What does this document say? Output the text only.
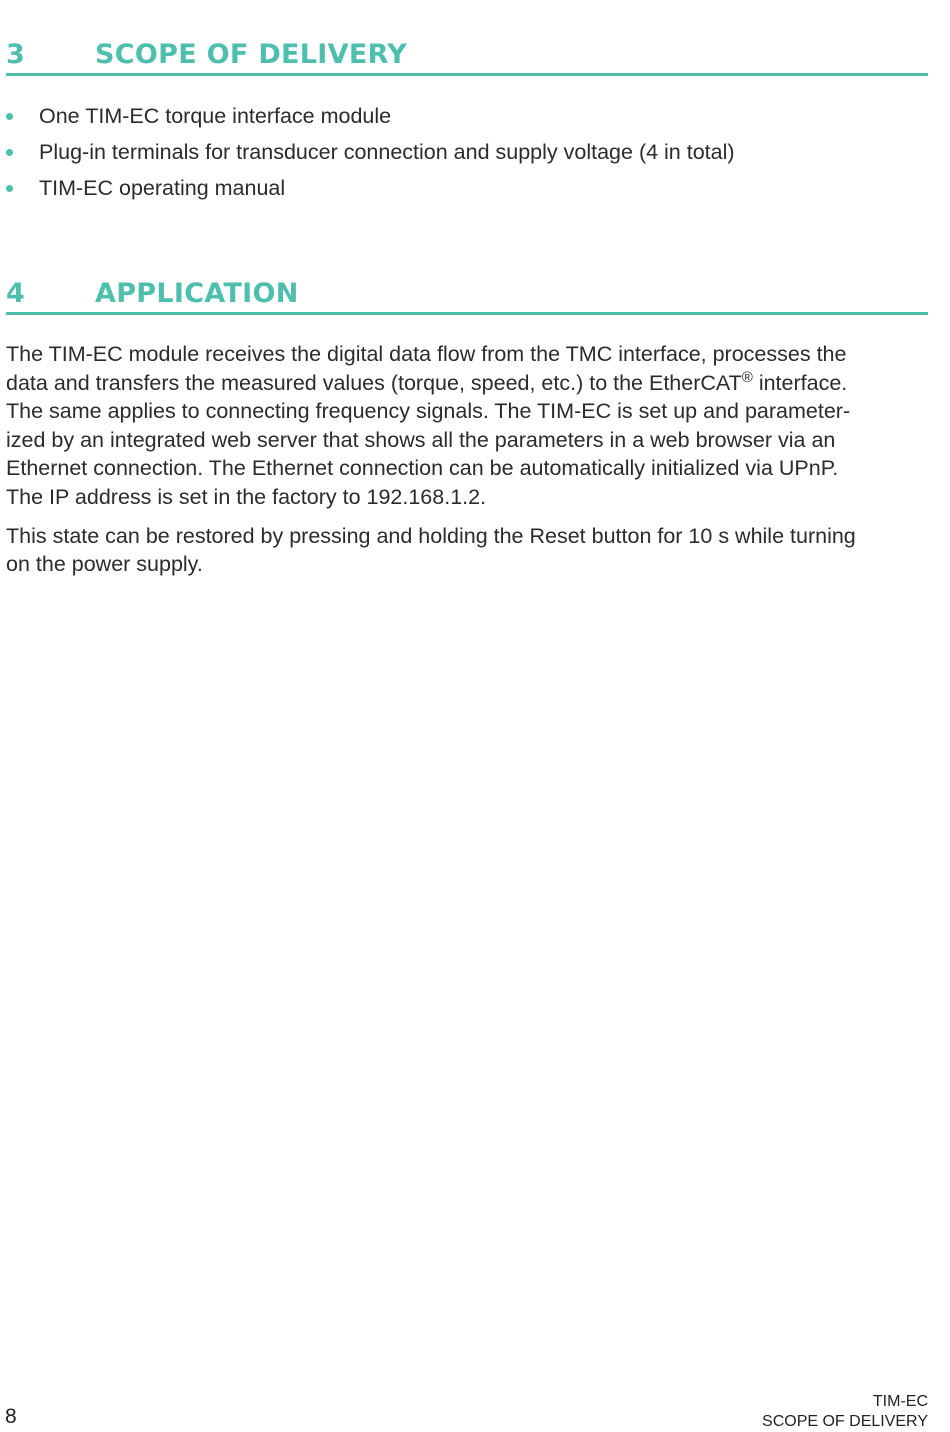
3	SCOPE OF DELIVERY
One TIM-EC torque interface module
Plug-in terminals for transducer connection and supply voltage (4 in total)
TIM-EC operating manual
4	APPLICATION

The TIM-EC module receives the digital data flow from the TMC interface, processes the
data and transfers the measured values (torque, speed, etc.) to the EtherCAT® interface.
The same applies to connecting frequency signals. The TIM-EC is set up and parameter-
ized by an integrated web server that shows all the parameters in a web browser via an
Ethernet connection. The Ethernet connection can be automatically initialized via UPnP.
The IP address is set in the factory to 192.168.1.2.

This state can be restored by pressing and holding the Reset button for 10 s while turning
on the power supply.

8
TIM-EC
SCOPE OF DELIVERY
